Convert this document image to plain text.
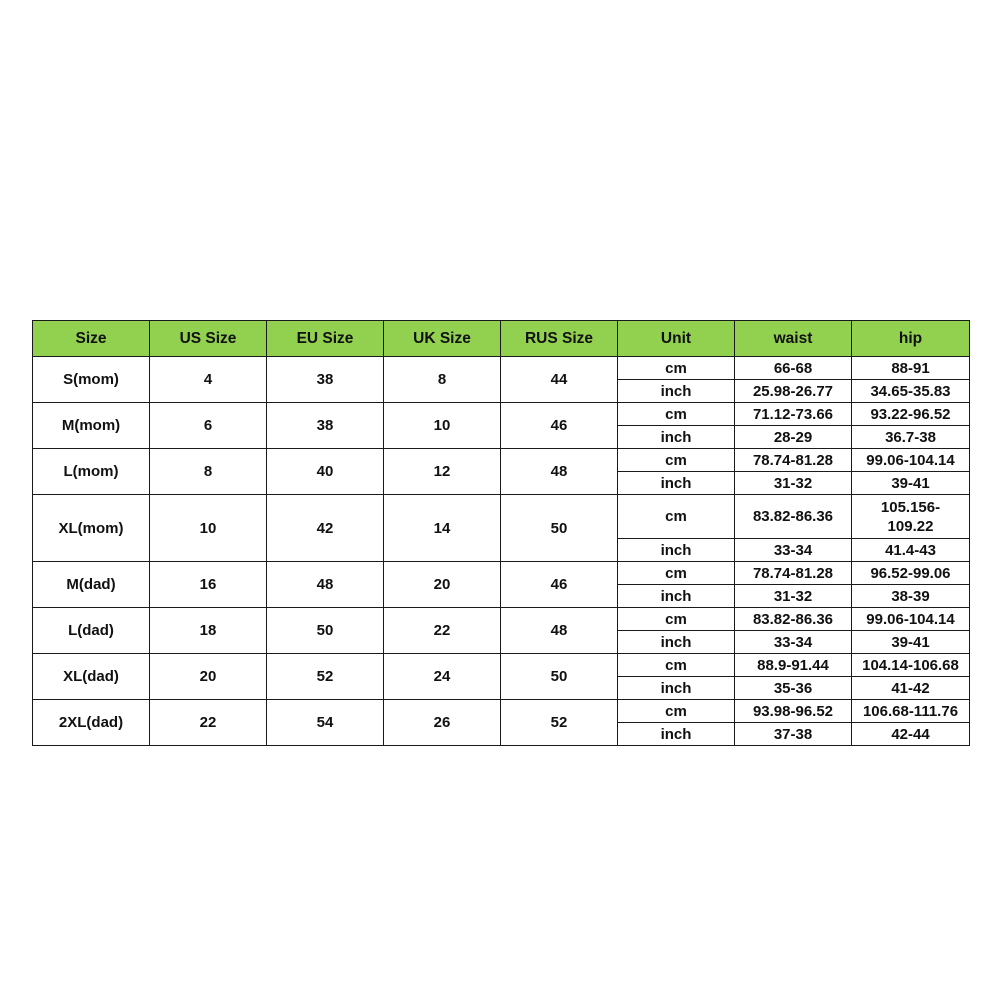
Size	US Size	EU Size	UK Size	RUS Size	Unit	waist	hip
S(mom)	4	38	8	44	cm	66-68	88-91
					inch	25.98-26.77	34.65-35.83
M(mom)	6	38	10	46	cm	71.12-73.66	93.22-96.52
					inch	28-29	36.7-38
L(mom)	8	40	12	48	cm	78.74-81.28	99.06-104.14
					inch	31-32	39-41
XL(mom)	10	42	14	50	cm	83.82-86.36	105.156-109.22
					inch	33-34	41.4-43
M(dad)	16	48	20	46	cm	78.74-81.28	96.52-99.06
					inch	31-32	38-39
L(dad)	18	50	22	48	cm	83.82-86.36	99.06-104.14
					inch	33-34	39-41
XL(dad)	20	52	24	50	cm	88.9-91.44	104.14-106.68
					inch	35-36	41-42
2XL(dad)	22	54	26	52	cm	93.98-96.52	106.68-111.76
					inch	37-38	42-44
